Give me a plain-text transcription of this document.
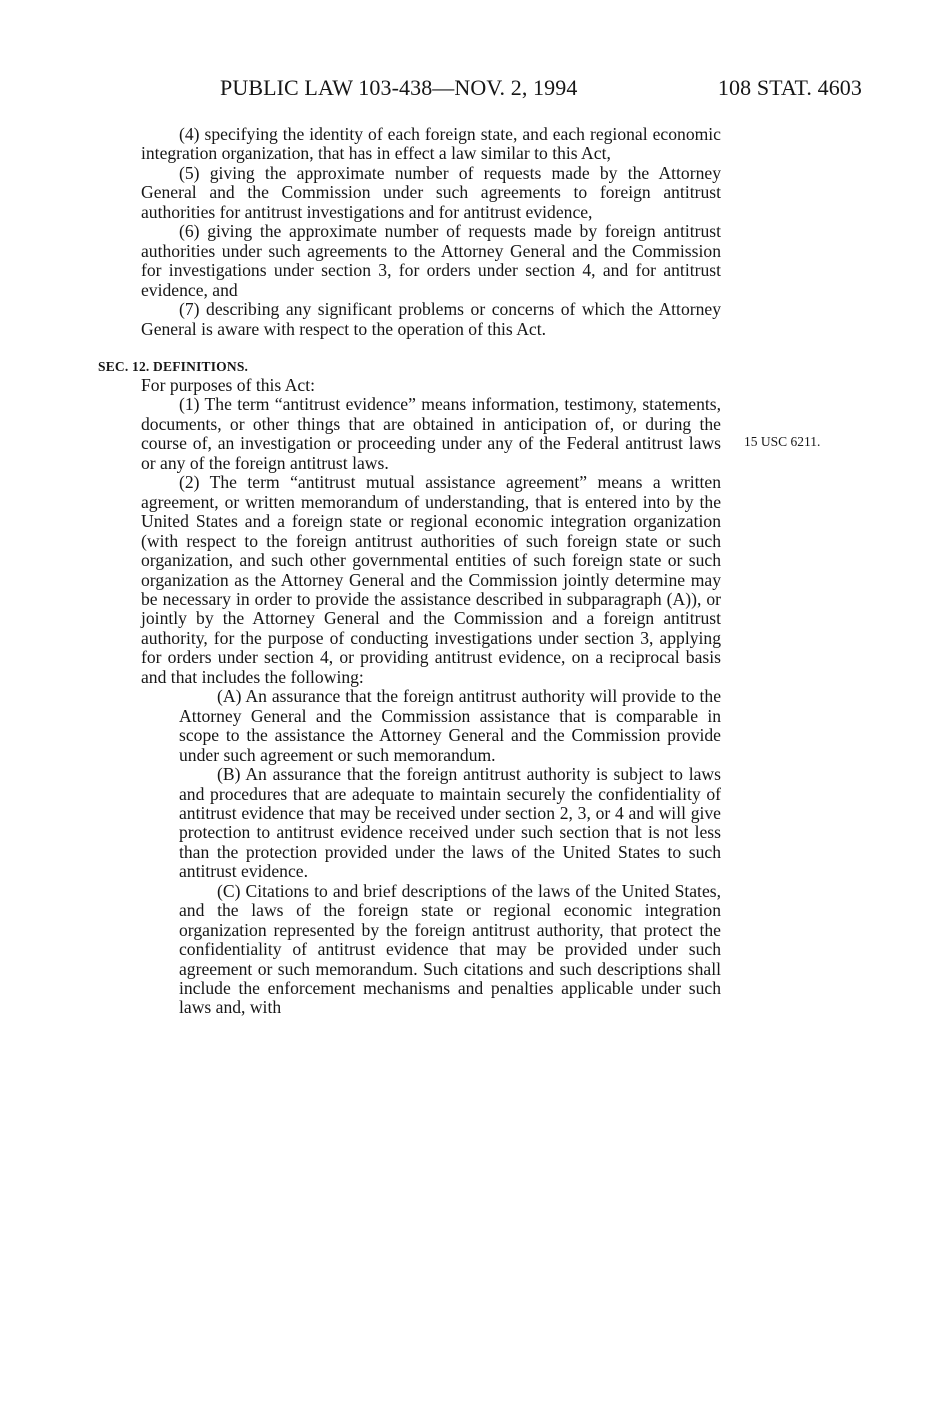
PUBLIC LAW 103-438—NOV. 2, 1994	108 STAT. 4603
15 USC 6211.

(4) specifying the identity of each foreign state, and each regional economic integration organization, that has in effect a law similar to this Act,

(5) giving the approximate number of requests made by the Attorney General and the Commission under such agreements to foreign antitrust authorities for antitrust investigations and for antitrust evidence,

(6) giving the approximate number of requests made by foreign antitrust authorities under such agreements to the Attorney General and the Commission for investigations under section 3, for orders under section 4, and for antitrust evidence, and

(7) describing any significant problems or concerns of which the Attorney General is aware with respect to the operation of this Act.

SEC. 12. DEFINITIONS.

For purposes of this Act:

(1) The term “antitrust evidence” means information, testimony, statements, documents, or other things that are obtained in anticipation of, or during the course of, an investigation or proceeding under any of the Federal antitrust laws or any of the foreign antitrust laws.

(2) The term “antitrust mutual assistance agreement” means a written agreement, or written memorandum of understanding, that is entered into by the United States and a foreign state or regional economic integration organization (with respect to the foreign antitrust authorities of such foreign state or such organization, and such other governmental entities of such foreign state or such organization as the Attorney General and the Commission jointly determine may be necessary in order to provide the assistance described in subparagraph (A)), or jointly by the Attorney General and the Commission and a foreign antitrust authority, for the purpose of conducting investigations under section 3, applying for orders under section 4, or providing antitrust evidence, on a reciprocal basis and that includes the following:

(A) An assurance that the foreign antitrust authority will provide to the Attorney General and the Commission assistance that is comparable in scope to the assistance the Attorney General and the Commission provide under such agreement or such memorandum.

(B) An assurance that the foreign antitrust authority is subject to laws and procedures that are adequate to maintain securely the confidentiality of antitrust evidence that may be received under section 2, 3, or 4 and will give protection to antitrust evidence received under such section that is not less than the protection provided under the laws of the United States to such antitrust evidence.

(C) Citations to and brief descriptions of the laws of the United States, and the laws of the foreign state or regional economic integration organization represented by the foreign antitrust authority, that protect the confidentiality of antitrust evidence that may be provided under such agreement or such memorandum. Such citations and such descriptions shall include the enforcement mechanisms and penalties applicable under such laws and, with
